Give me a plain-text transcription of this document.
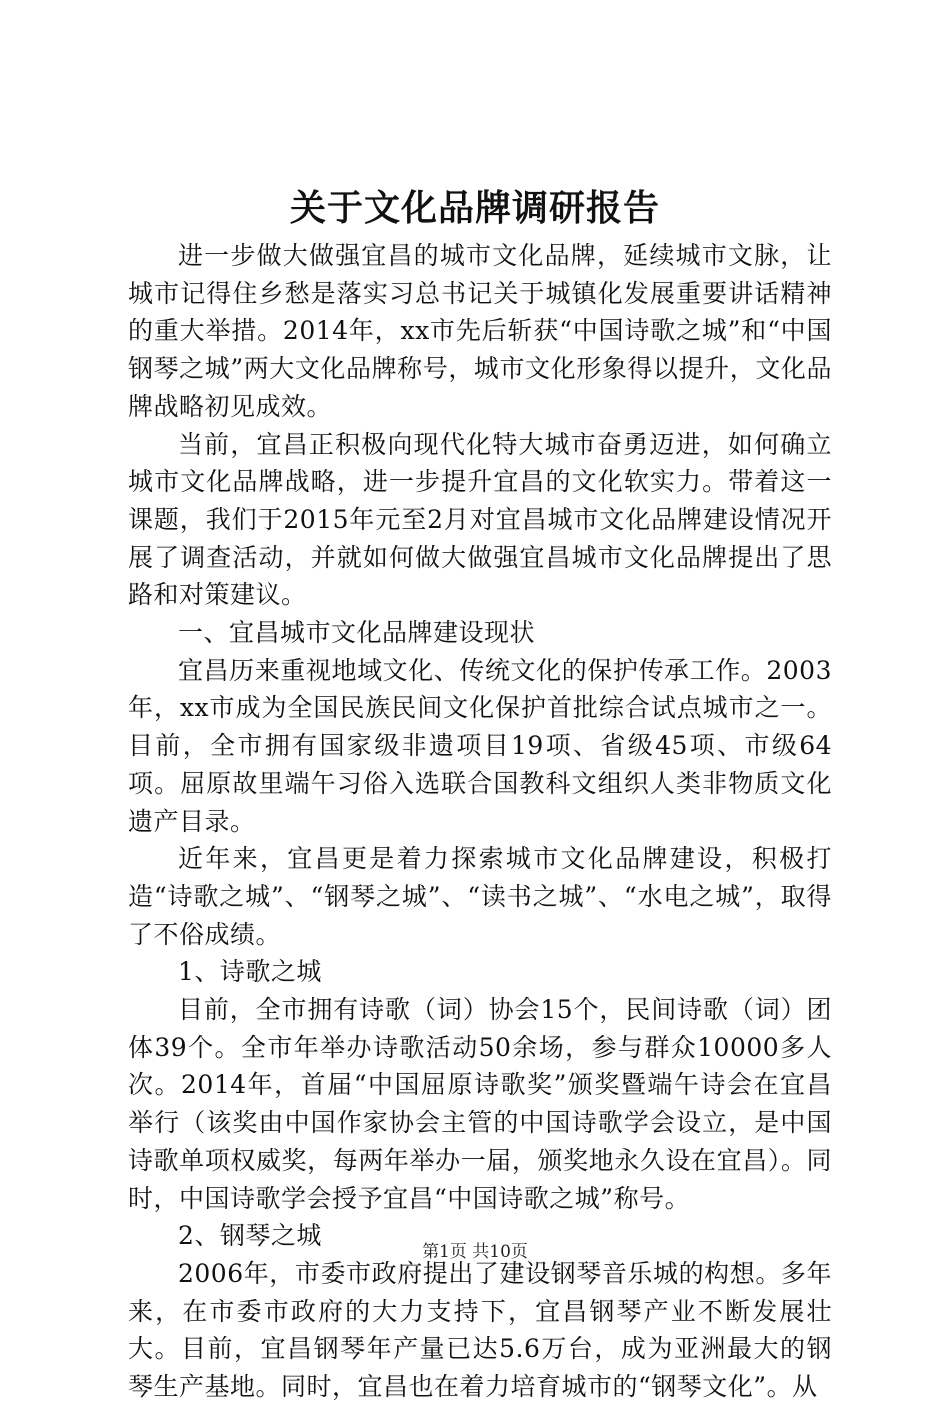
关于文化品牌调研报告

进一步做大做强宜昌的城市文化品牌，延续城市文脉，让城市记得住乡愁是落实习总书记关于城镇化发展重要讲话精神的重大举措。2014年，xx市先后斩获“中国诗歌之城”和“中国钢琴之城”两大文化品牌称号，城市文化形象得以提升，文化品牌战略初见成效。

当前，宜昌正积极向现代化特大城市奋勇迈进，如何确立城市文化品牌战略，进一步提升宜昌的文化软实力。带着这一课题，我们于2015年元至2月对宜昌城市文化品牌建设情况开展了调查活动，并就如何做大做强宜昌城市文化品牌提出了思路和对策建议。

一、宜昌城市文化品牌建设现状

宜昌历来重视地域文化、传统文化的保护传承工作。2003年，xx市成为全国民族民间文化保护首批综合试点城市之一。目前，全市拥有国家级非遗项目19项、省级45项、市级64项。屈原故里端午习俗入选联合国教科文组织人类非物质文化遗产目录。

近年来，宜昌更是着力探索城市文化品牌建设，积极打造“诗歌之城”、“钢琴之城”、“读书之城”、“水电之城”，取得了不俗成绩。

1、诗歌之城

目前，全市拥有诗歌（词）协会15个，民间诗歌（词）团体39个。全市年举办诗歌活动50余场，参与群众10000多人次。2014年，首届“中国屈原诗歌奖”颁奖暨端午诗会在宜昌举行（该奖由中国作家协会主管的中国诗歌学会设立，是中国诗歌单项权威奖，每两年举办一届，颁奖地永久设在宜昌）。同时，中国诗歌学会授予宜昌“中国诗歌之城”称号。

2、钢琴之城

2006年，市委市政府提出了建设钢琴音乐城的构想。多年来，在市委市政府的大力支持下，宜昌钢琴产业不断发展壮大。目前，宜昌钢琴年产量已达5.6万台，成为亚洲最大的钢琴生产基地。同时，宜昌也在着力培育城市的“钢琴文化”。从

第1页 共10页
